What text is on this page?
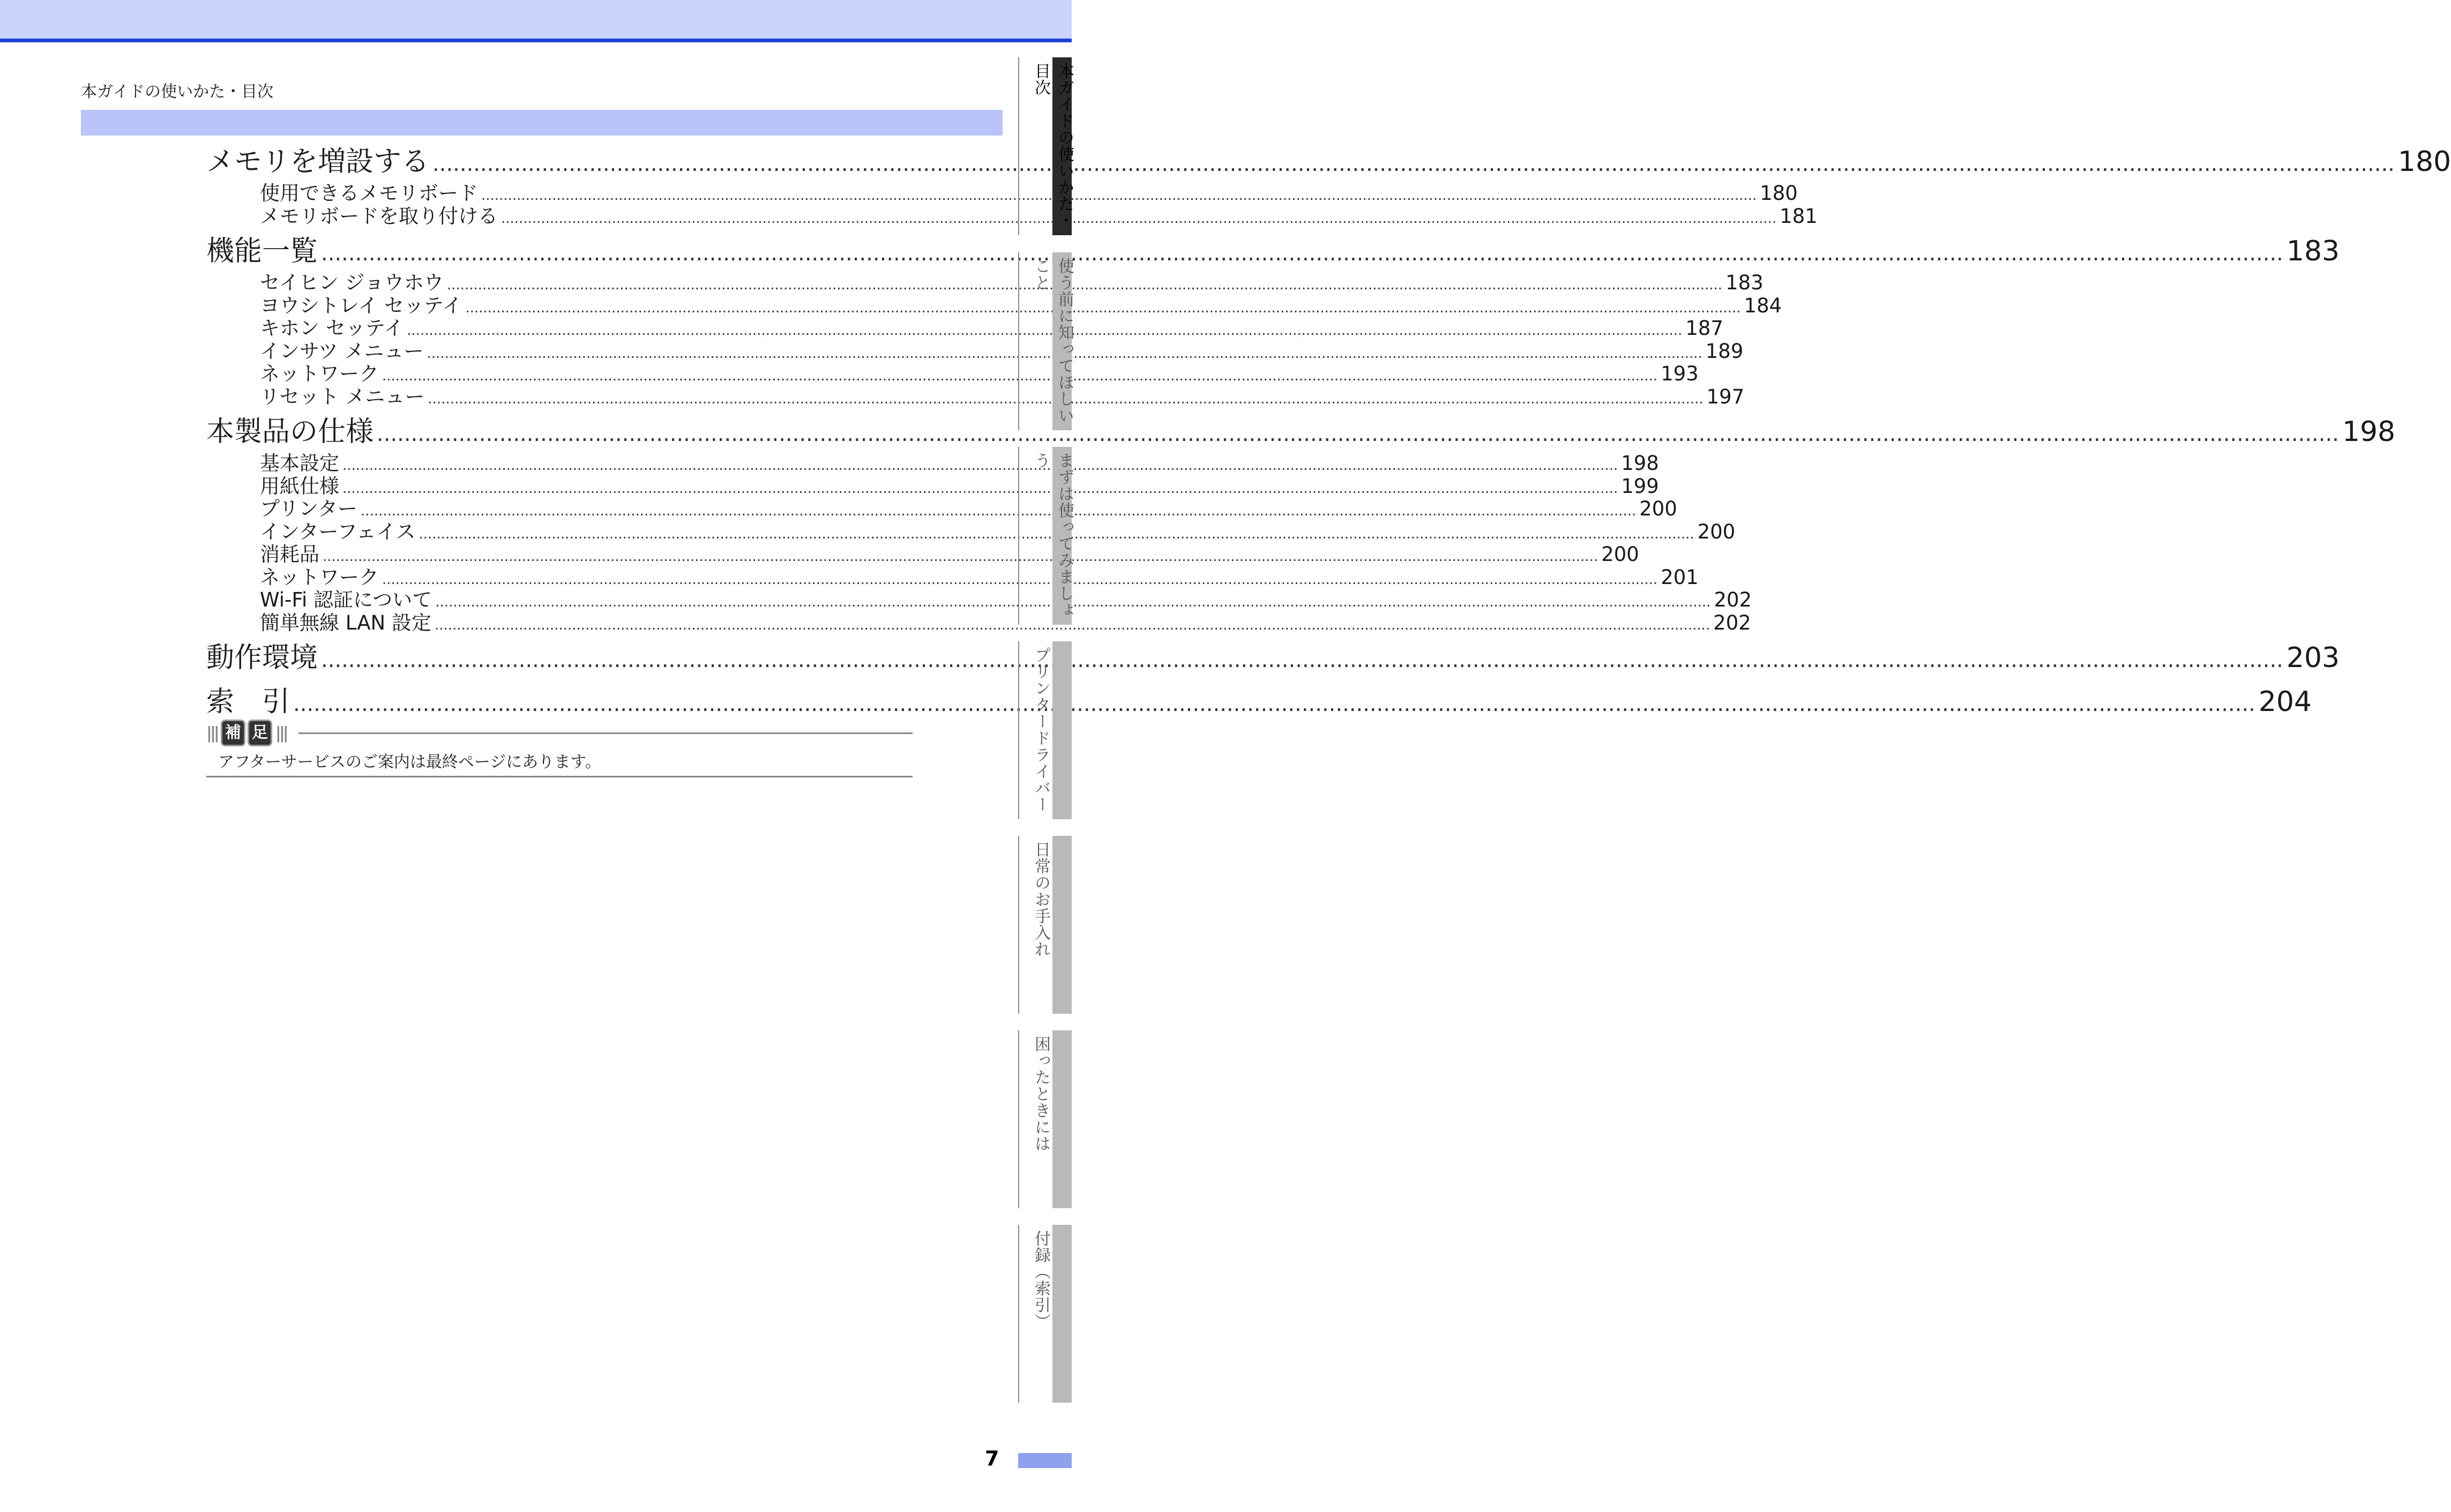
本ガイドの使いかた・目次
メモリを増設する .....	180
使用できるメモリボード .....	180
メモリボードを取り付ける .....	181
機能一覧 .....	183
セイヒン ジョウホウ .....	183
ヨウシトレイ セッテイ .....	184
キホン セッテイ .....	187
インサツ メニュー .....	189
ネットワーク .....	193
リセット メニュー .....	197
本製品の仕様 .....	198
基本設定 .....	198
用紙仕様 .....	199
プリンター .....	200
インターフェイス .....	200
消耗品 .....	200
ネットワーク .....	201
Wi-Fi 認証について .....	202
簡単無線 LAN 設定 .....	202
動作環境 .....	203
索　引 .....	204
||| 補 足 |||
アフターサービスのご案内は最終ページにあります。
本ガイドの使いかた・目次
使う前に知ってほしいこと
まずは使ってみましょう
プリンタードライバー
日常のお手入れ
困ったときには
付録（索引）
7
